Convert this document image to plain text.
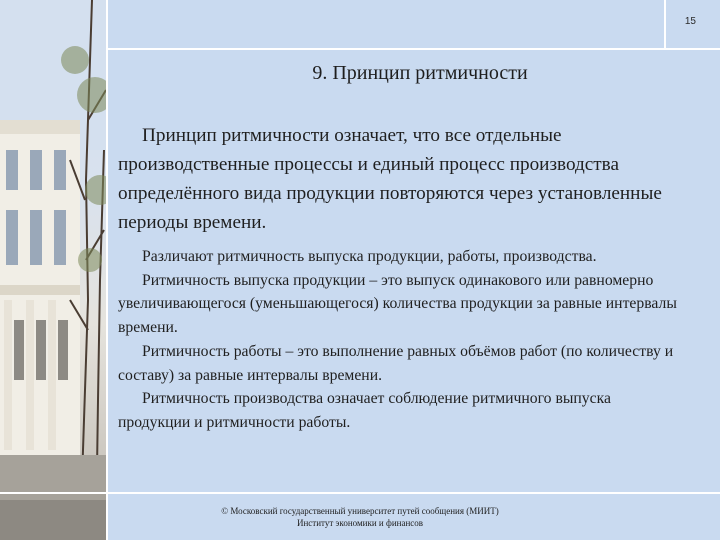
15
9. Принцип ритмичности

Принцип ритмичности означает, что все отдельные производственные процессы и единый процесс производства определённого вида продукции повторяются через установленные периоды времени.

Различают ритмичность выпуска продукции, работы, производства.

Ритмичность выпуска продукции – это выпуск одинакового или равномерно увеличивающегося (уменьшающегося) количества продукции за равные интервалы времени.

Ритмичность работы – это выполнение равных объёмов работ (по количеству и составу) за равные интервалы времени.

Ритмичность производства означает соблюдение ритмичного выпуска продукции и ритмичности работы.

© Московский государственный университет путей сообщения (МИИТ)
Институт экономики и финансов
